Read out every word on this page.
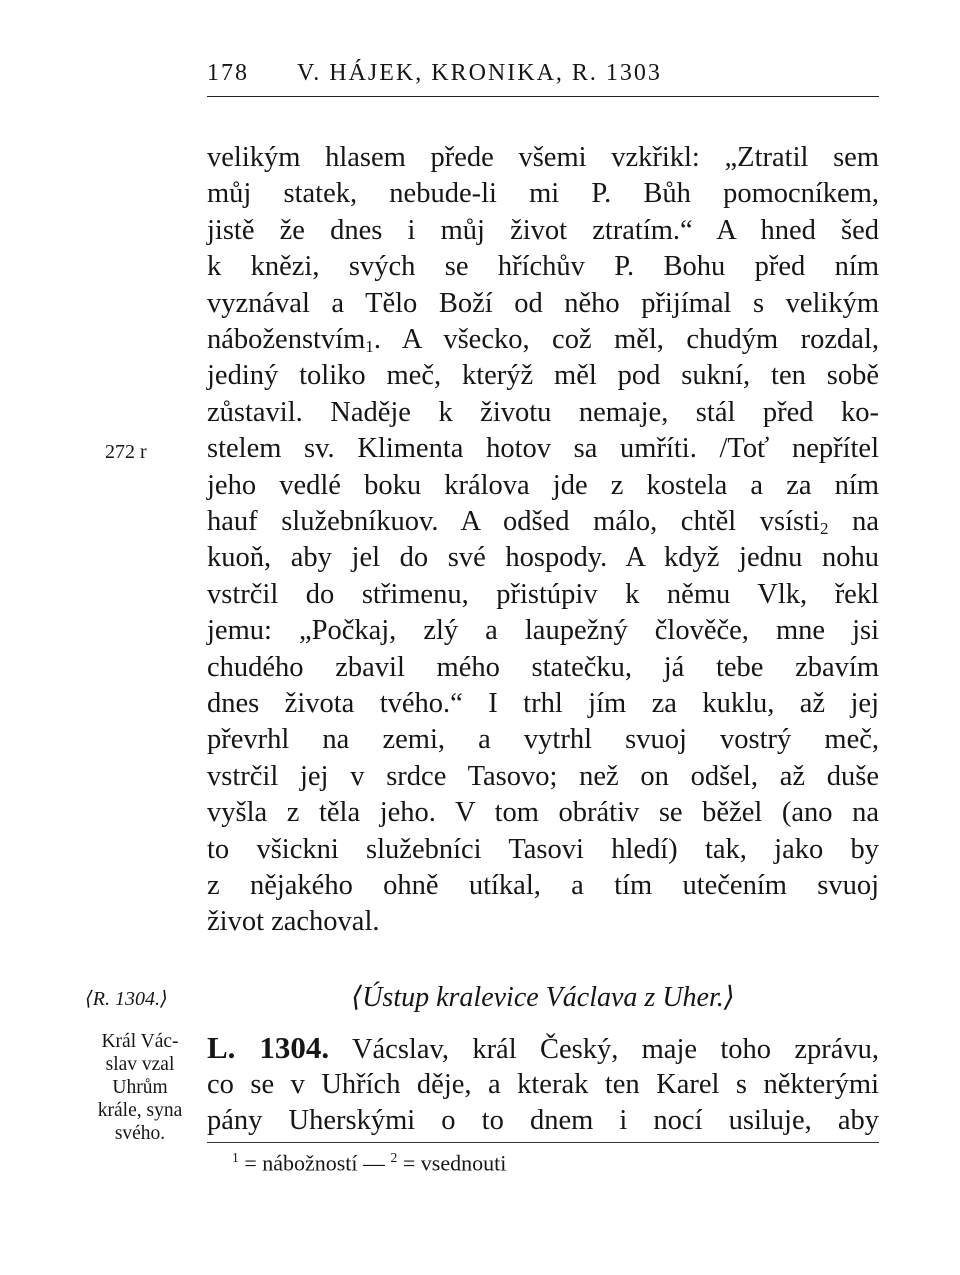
178 V. HÁJEK, KRONIKA, R. 1303
velikým hlasem přede všemi vzkřikl: „Ztratil sem
můj statek, nebude-li mi P. Bůh pomocníkem,
jistě že dnes i můj život ztratím.“ A hned šed
k knězi, svých se hříchův P. Bohu před ním
vyznával a Tělo Boží od něho přijímal s velikým
náboženstvím$_1$. A všecko, což měl, chudým rozdal,
jediný toliko meč, kterýž měl pod sukní, ten sobě
zůstavil. Naděje k životu nemaje, stál před ko-
stelem sv. Klimenta hotov sa umříti. /Toť nepřítel
jeho vedlé boku králova jde z kostela a za ním
hauf služebníkuov. A odšed málo, chtěl vsísti$_2$ na
kuoň, aby jel do své hospody. A když jednu nohu
vstrčil do střimenu, přistúpiv k němu Vlk, řekl
jemu: „Počkaj, zlý a laupežný člověče, mne jsi
chudého zbavil mého statečku, já tebe zbavím
dnes života tvého.“ I trhl jím za kuklu, až jej
převrhl na zemi, a vytrhl svuoj vostrý meč,
vstrčil jej v srdce Tasovo; než on odšel, až duše
vyšla z těla jeho. V tom obrátiv se běžel (ano na
to všickni služebníci Tasovi hledí) tak, jako by
z nějakého ohně utíkal, a tím utečením svuoj
život zachoval.
272 r
⟨R. 1304.⟩
Král Vác-
slav vzal
Uhrům
krále, syna
svého.
⟨Ústup kralevice Václava z Uher.⟩
L. 1304. Vácslav, král Český, maje toho zprávu,
co se v Uhřích děje, a kterak ten Karel s některými
pány Uherskými o to dnem i nocí usiluje, aby
$^1$ = nábožností — $^2$ = vsednouti
